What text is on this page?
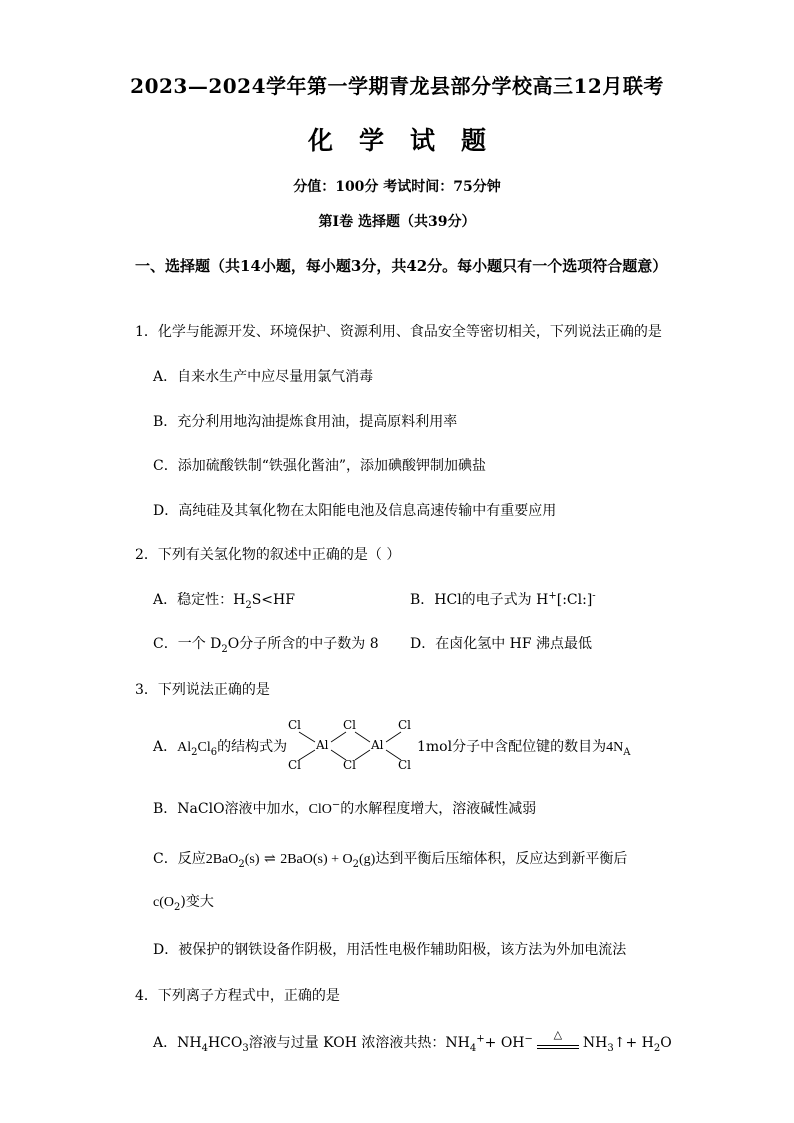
2023—2024学年第一学期青龙县部分学校高三12月联考
化学试题
分值：100分 考试时间：75分钟
第Ⅰ卷 选择题（共39分）
一、选择题（共14小题，每小题3分，共42分。每小题只有一个选项符合题意）
1．化学与能源开发、环境保护、资源利用、食品安全等密切相关，下列说法正确的是
A．自来水生产中应尽量用氯气消毒
B．充分利用地沟油提炼食用油，提高原料利用率
C．添加硫酸铁制“铁强化酱油”，添加碘酸钾制加碘盐
D．高纯硅及其氧化物在太阳能电池及信息高速传输中有重要应用
2．下列有关氢化物的叙述中正确的是（ ）
A．稳定性：$H_2S<HF$	B．HCl的电子式为 H+[:Cl:]-
C．一个 $D_2O$分子所含的中子数为 8 D．在卤化氢中 HF 沸点最低
3．下列说法正确的是
A．$Al_2Cl_6$的结构式为
Cl
Cl
Cl
Cl
Cl
Cl
Al	Al 1mol分子中含配位键的数目为$4N_A$
B．NaClO溶液中加水，ClO−的水解程度增大，溶液碱性减弱
C．反应2BaO$_2$(s) ⇌ $2BaO(s) + O_2(g)$达到平衡后压缩体积，反应达到新平衡后
$c(O_2)$变大
D．被保护的钢铁设备作阴极，用活性电极作辅助阳极，该方法为外加电流法
4．下列离子方程式中，正确的是
A．$NH_4HCO_3$溶液与过量 KOH 浓溶液共热：$NH_4^++ OH^-$	△
$NH_3↑+ H_2O$
